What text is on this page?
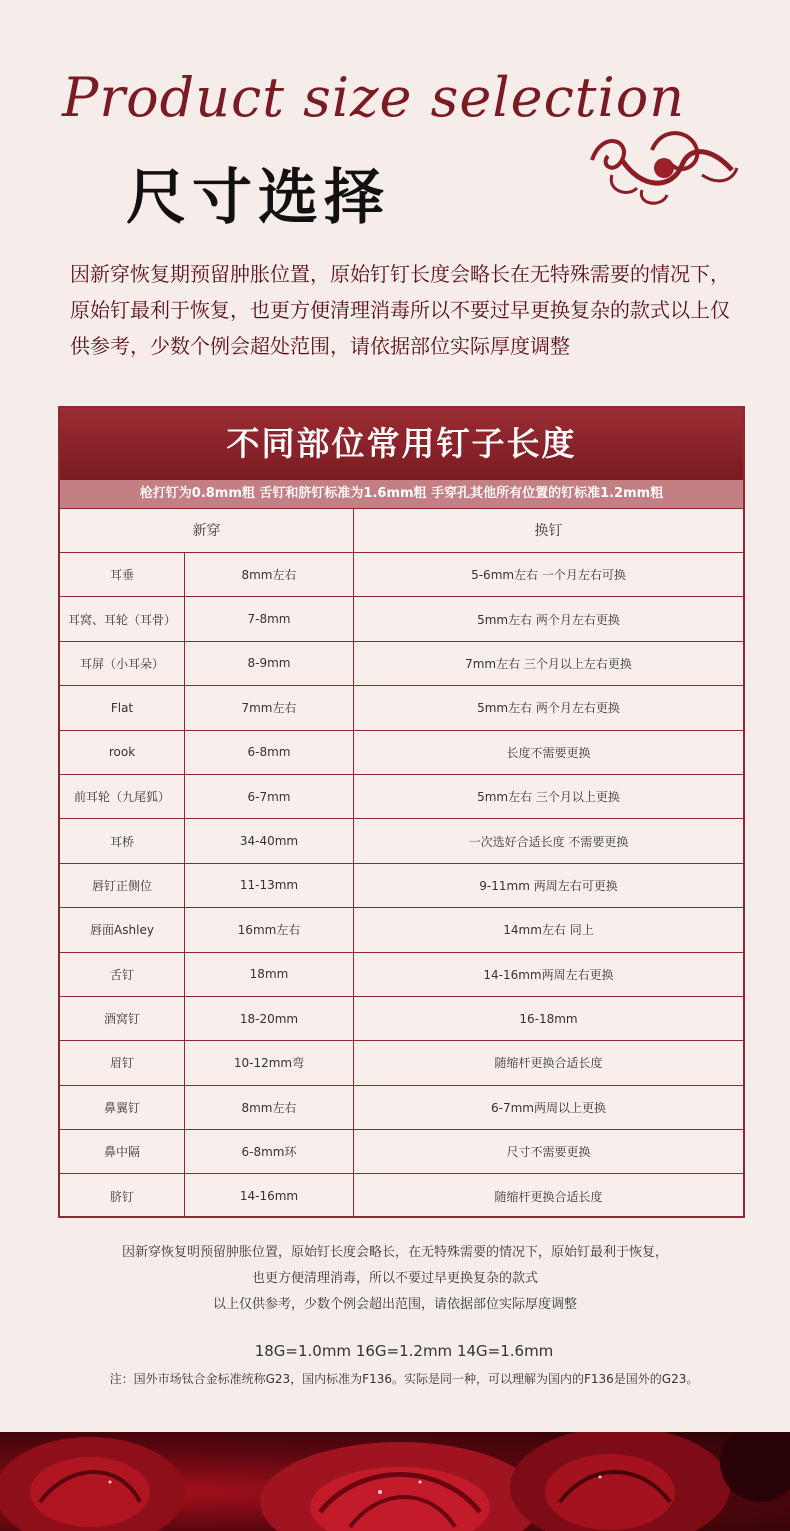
Product size selection
尺寸选择
因新穿恢复期预留肿胀位置，原始钉钉长度会略长在无特殊需要的情况下，原始钉最利于恢复，也更方便清理消毒所以不要过早更换复杂的款式以上仅供参考，少数个例会超处范围，请依据部位实际厚度调整
不同部位常用钉子长度
枪打钉为0.8mm粗 舌钉和脐钉标准为1.6mm粗 手穿孔其他所有位置的钉标准1.2mm粗
新穿	换钉
耳垂	8mm左右	5-6mm左右 一个月左右可换
耳窝、耳轮（耳骨）	7-8mm	5mm左右 两个月左右更换
耳屏（小耳朵）	8-9mm	7mm左右 三个月以上左右更换
Flat	7mm左右	5mm左右 两个月左右更换
rook	6-8mm	长度不需要更换
前耳轮（九尾狐）	6-7mm	5mm左右 三个月以上更换
耳桥	34-40mm	一次选好合适长度 不需要更换
唇钉正侧位	11-13mm	9-11mm 两周左右可更换
唇面Ashley	16mm左右	14mm左右 同上
舌钉	18mm	14-16mm两周左右更换
酒窝钉	18-20mm	16-18mm
眉钉	10-12mm弯	随缩杆更换合适长度
鼻翼钉	8mm左右	6-7mm两周以上更换
鼻中隔	6-8mm环	尺寸不需要更换
脐钉	14-16mm	随缩杆更换合适长度
因新穿恢复明预留肿胀位置，原始钉长度会略长，在无特殊需要的情况下，原始钉最利于恢复，
也更方便清理消毒，所以不要过早更换复杂的款式
以上仅供参考，少数个例会超出范围，请依据部位实际厚度调整
18G=1.0mm 16G=1.2mm 14G=1.6mm
注：国外市场钛合金标准统称G23，国内标准为F136。实际是同一种，可以理解为国内的F136是国外的G23。
